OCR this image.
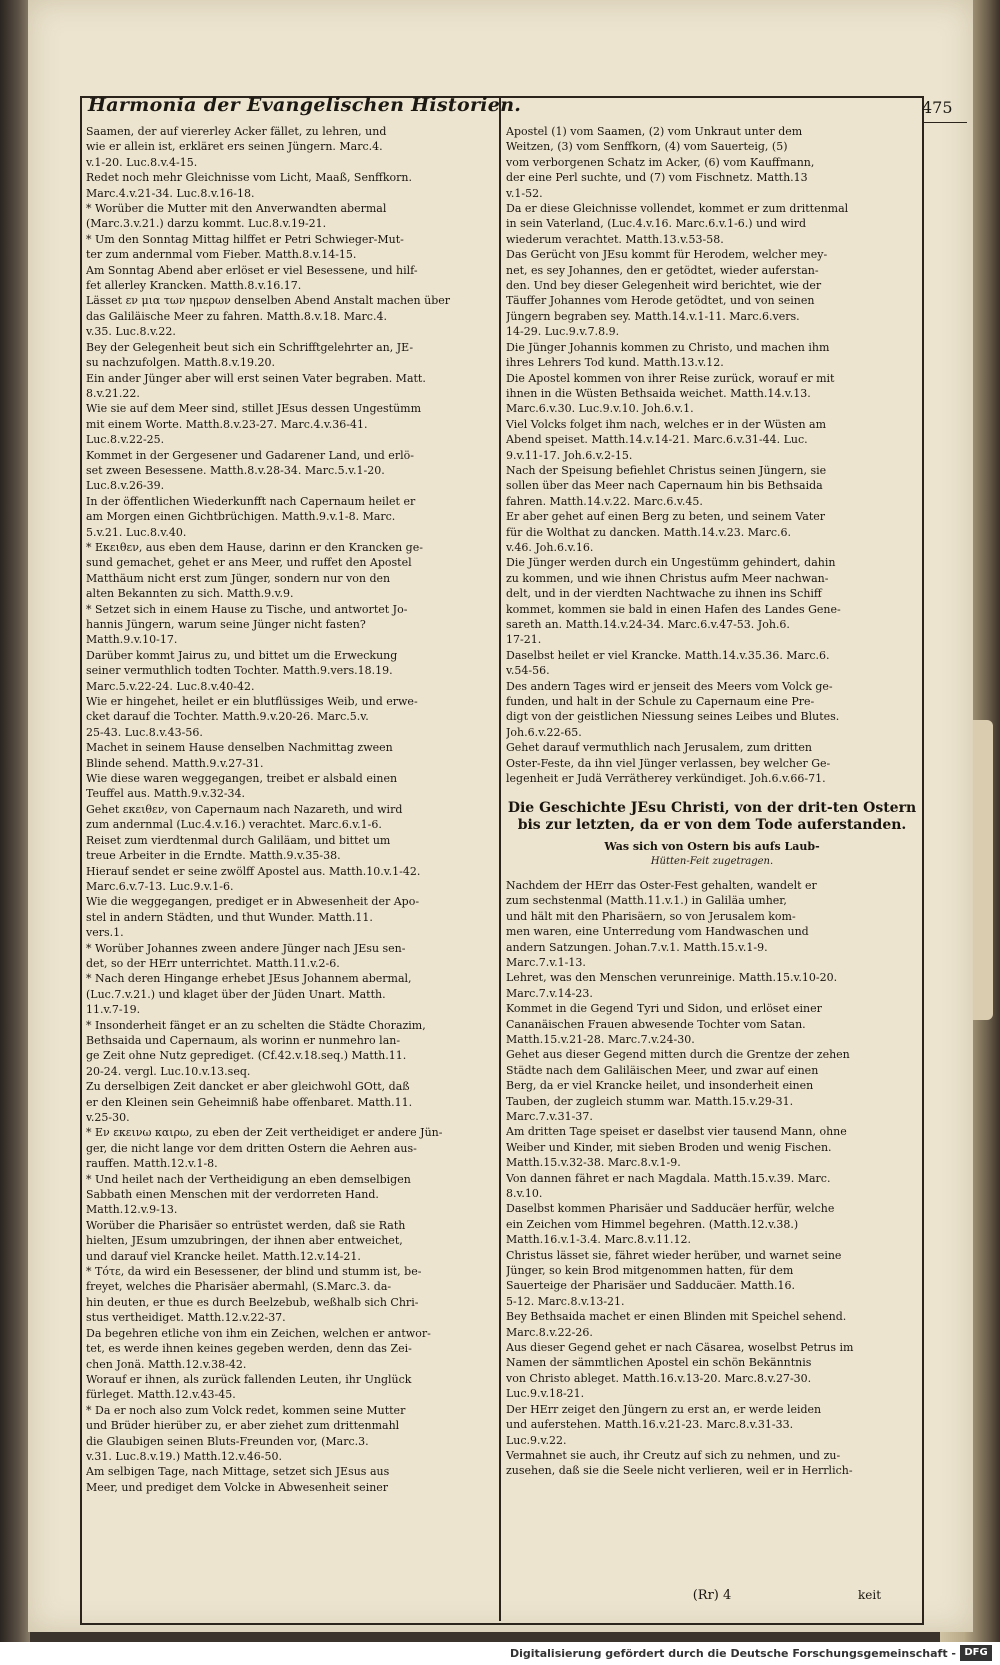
Harmonia der Evangelischen Historien.	475
Saamen, der auf viererley Acker fället, zu lehren, und
wie er allein ist, erkläret ers seinen Jüngern. Marc.4.
v.1-20. Luc.8.v.4-15.
Redet noch mehr Gleichnisse vom Licht, Maaß, Senffkorn.
Marc.4.v.21-34. Luc.8.v.16-18.
* Worüber die Mutter mit den Anverwandten abermal
(Marc.3.v.21.) darzu kommt. Luc.8.v.19-21.
* Um den Sonntag Mittag hilffet er Petri Schwieger-Mut-
ter zum andernmal vom Fieber. Matth.8.v.14-15.
Am Sonntag Abend aber erlöset er viel Besessene, und hilf-
fet allerley Krancken. Matth.8.v.16.17.
Lässet εν μια των ημερων denselben Abend Anstalt machen über
das Galiläische Meer zu fahren. Matth.8.v.18. Marc.4.
v.35. Luc.8.v.22.
Bey der Gelegenheit beut sich ein Schrifftgelehrter an, JE-
su nachzufolgen. Matth.8.v.19.20.
Ein ander Jünger aber will erst seinen Vater begraben. Matt.
8.v.21.22.
Wie sie auf dem Meer sind, stillet JEsus dessen Ungestümm
mit einem Worte. Matth.8.v.23-27. Marc.4.v.36-41.
Luc.8.v.22-25.
Kommet in der Gergesener und Gadarener Land, und erlö-
set zween Besessene. Matth.8.v.28-34. Marc.5.v.1-20.
Luc.8.v.26-39.
In der öffentlichen Wiederkunfft nach Capernaum heilet er
am Morgen einen Gichtbrüchigen. Matth.9.v.1-8. Marc.
5.v.21. Luc.8.v.40.
* Εκειθεν, aus eben dem Hause, darinn er den Krancken ge-
sund gemachet, gehet er ans Meer, und ruffet den Apostel
Matthäum nicht erst zum Jünger, sondern nur von den
alten Bekannten zu sich. Matth.9.v.9.
* Setzet sich in einem Hause zu Tische, und antwortet Jo-
hannis Jüngern, warum seine Jünger nicht fasten?
Matth.9.v.10-17.
Darüber kommt Jairus zu, und bittet um die Erweckung
seiner vermuthlich todten Tochter. Matth.9.vers.18.19.
Marc.5.v.22-24. Luc.8.v.40-42.
Wie er hingehet, heilet er ein blutflüssiges Weib, und erwe-
cket darauf die Tochter. Matth.9.v.20-26. Marc.5.v.
25-43. Luc.8.v.43-56.
Machet in seinem Hause denselben Nachmittag zween
Blinde sehend. Matth.9.v.27-31.
Wie diese waren weggegangen, treibet er alsbald einen
Teuffel aus. Matth.9.v.32-34.
Gehet εκειθεν, von Capernaum nach Nazareth, und wird
zum andernmal (Luc.4.v.16.) verachtet. Marc.6.v.1-6.
Reiset zum vierdtenmal durch Galiläam, und bittet um
treue Arbeiter in die Erndte. Matth.9.v.35-38.
Hierauf sendet er seine zwölff Apostel aus. Matth.10.v.1-42.
Marc.6.v.7-13. Luc.9.v.1-6.
Wie die weggegangen, prediget er in Abwesenheit der Apo-
stel in andern Städten, und thut Wunder. Matth.11.
vers.1.
* Worüber Johannes zween andere Jünger nach JEsu sen-
det, so der HErr unterrichtet. Matth.11.v.2-6.
* Nach deren Hingange erhebet JEsus Johannem abermal,
(Luc.7.v.21.) und klaget über der Jüden Unart. Matth.
11.v.7-19.
* Insonderheit fänget er an zu schelten die Städte Chorazim,
Bethsaida und Capernaum, als worinn er nunmehro lan-
ge Zeit ohne Nutz geprediget. (Cf.42.v.18.seq.) Matth.11.
20-24. vergl. Luc.10.v.13.seq.
Zu derselbigen Zeit dancket er aber gleichwohl GOtt, daß
er den Kleinen sein Geheimniß habe offenbaret. Matth.11.
v.25-30.
* Εν εκεινω καιρω, zu eben der Zeit vertheidiget er andere Jün-
ger, die nicht lange vor dem dritten Ostern die Aehren aus-
rauffen. Matth.12.v.1-8.
* Und heilet nach der Vertheidigung an eben demselbigen
Sabbath einen Menschen mit der verdorreten Hand.
Matth.12.v.9-13.
Worüber die Pharisäer so entrüstet werden, daß sie Rath
hielten, JEsum umzubringen, der ihnen aber entweichet,
und darauf viel Krancke heilet. Matth.12.v.14-21.
* Τότε, da wird ein Besessener, der blind und stumm ist, be-
freyet, welches die Pharisäer abermahl, (S.Marc.3. da-
hin deuten, er thue es durch Beelzebub, weßhalb sich Chri-
stus vertheidiget. Matth.12.v.22-37.
Da begehren etliche von ihm ein Zeichen, welchen er antwor-
tet, es werde ihnen keines gegeben werden, denn das Zei-
chen Jonä. Matth.12.v.38-42.
Worauf er ihnen, als zurück fallenden Leuten, ihr Unglück
fürleget. Matth.12.v.43-45.
* Da er noch also zum Volck redet, kommen seine Mutter
und Brüder hierüber zu, er aber ziehet zum drittenmahl
die Glaubigen seinen Bluts-Freunden vor, (Marc.3.
v.31. Luc.8.v.19.) Matth.12.v.46-50.
Am selbigen Tage, nach Mittage, setzet sich JEsus aus
Meer, und prediget dem Volcke in Abwesenheit seiner
Apostel (1) vom Saamen, (2) vom Unkraut unter dem
Weitzen, (3) vom Senffkorn, (4) vom Sauerteig, (5)
vom verborgenen Schatz im Acker, (6) vom Kauffmann,
der eine Perl suchte, und (7) vom Fischnetz. Matth.13
v.1-52.
Da er diese Gleichnisse vollendet, kommet er zum drittenmal
in sein Vaterland, (Luc.4.v.16. Marc.6.v.1-6.) und wird
wiederum verachtet. Matth.13.v.53-58.
Das Gerücht von JEsu kommt für Herodem, welcher mey-
net, es sey Johannes, den er getödtet, wieder auferstan-
den. Und bey dieser Gelegenheit wird berichtet, wie der
Täuffer Johannes vom Herode getödtet, und von seinen
Jüngern begraben sey. Matth.14.v.1-11. Marc.6.vers.
14-29. Luc.9.v.7.8.9.
Die Jünger Johannis kommen zu Christo, und machen ihm
ihres Lehrers Tod kund. Matth.13.v.12.
Die Apostel kommen von ihrer Reise zurück, worauf er mit
ihnen in die Wüsten Bethsaida weichet. Matth.14.v.13.
Marc.6.v.30. Luc.9.v.10. Joh.6.v.1.
Viel Volcks folget ihm nach, welches er in der Wüsten am
Abend speiset. Matth.14.v.14-21. Marc.6.v.31-44. Luc.
9.v.11-17. Joh.6.v.2-15.
Nach der Speisung befiehlet Christus seinen Jüngern, sie
sollen über das Meer nach Capernaum hin bis Bethsaida
fahren. Matth.14.v.22. Marc.6.v.45.
Er aber gehet auf einen Berg zu beten, und seinem Vater
für die Wolthat zu dancken. Matth.14.v.23. Marc.6.
v.46. Joh.6.v.16.
Die Jünger werden durch ein Ungestümm gehindert, dahin
zu kommen, und wie ihnen Christus aufm Meer nachwan-
delt, und in der vierdten Nachtwache zu ihnen ins Schiff
kommet, kommen sie bald in einen Hafen des Landes Gene-
sareth an. Matth.14.v.24-34. Marc.6.v.47-53. Joh.6.
17-21.
Daselbst heilet er viel Krancke. Matth.14.v.35.36. Marc.6.
v.54-56.
Des andern Tages wird er jenseit des Meers vom Volck ge-
funden, und halt in der Schule zu Capernaum eine Pre-
digt von der geistlichen Niessung seines Leibes und Blutes.
Joh.6.v.22-65.
Gehet darauf vermuthlich nach Jerusalem, zum dritten
Oster-Feste, da ihn viel Jünger verlassen, bey welcher Ge-
legenheit er Judä Verrätherey verkündiget. Joh.6.v.66-71.
Die Geschichte JEsu Christi, von der drit-ten Ostern bis zur letzten, da er von dem Tode auferstanden.
Was sich von Ostern bis aufs Laub-
Hütten-Feit zugetragen.
Nachdem der HErr das Oster-Fest gehalten, wandelt er
zum sechstenmal (Matth.11.v.1.) in Galiläa umher,
und hält mit den Pharisäern, so von Jerusalem kom-
men waren, eine Unterredung vom Handwaschen und
andern Satzungen. Johan.7.v.1. Matth.15.v.1-9.
Marc.7.v.1-13.
Lehret, was den Menschen verunreinige. Matth.15.v.10-20.
Marc.7.v.14-23.
Kommet in die Gegend Tyri und Sidon, und erlöset einer
Cananäischen Frauen abwesende Tochter vom Satan.
Matth.15.v.21-28. Marc.7.v.24-30.
Gehet aus dieser Gegend mitten durch die Grentze der zehen
Städte nach dem Galiläischen Meer, und zwar auf einen
Berg, da er viel Krancke heilet, und insonderheit einen
Tauben, der zugleich stumm war. Matth.15.v.29-31.
Marc.7.v.31-37.
Am dritten Tage speiset er daselbst vier tausend Mann, ohne
Weiber und Kinder, mit sieben Broden und wenig Fischen.
Matth.15.v.32-38. Marc.8.v.1-9.
Von dannen fähret er nach Magdala. Matth.15.v.39. Marc.
8.v.10.
Daselbst kommen Pharisäer und Sadducäer herfür, welche
ein Zeichen vom Himmel begehren. (Matth.12.v.38.)
Matth.16.v.1-3.4. Marc.8.v.11.12.
Christus lässet sie, fähret wieder herüber, und warnet seine
Jünger, so kein Brod mitgenommen hatten, für dem
Sauerteige der Pharisäer und Sadducäer. Matth.16.
5-12. Marc.8.v.13-21.
Bey Bethsaida machet er einen Blinden mit Speichel sehend.
Marc.8.v.22-26.
Aus dieser Gegend gehet er nach Cäsarea, woselbst Petrus im
Namen der sämmtlichen Apostel ein schön Bekänntnis
von Christo ableget. Matth.16.v.13-20. Marc.8.v.27-30.
Luc.9.v.18-21.
Der HErr zeiget den Jüngern zu erst an, er werde leiden
und auferstehen. Matth.16.v.21-23. Marc.8.v.31-33.
Luc.9.v.22.
Vermahnet sie auch, ihr Creutz auf sich zu nehmen, und zu-
zusehen, daß sie die Seele nicht verlieren, weil er in Herrlich-
(Rr) 4	keit
Digitalisierung gefördert durch die Deutsche Forschungsgemeinschaft - DFG
